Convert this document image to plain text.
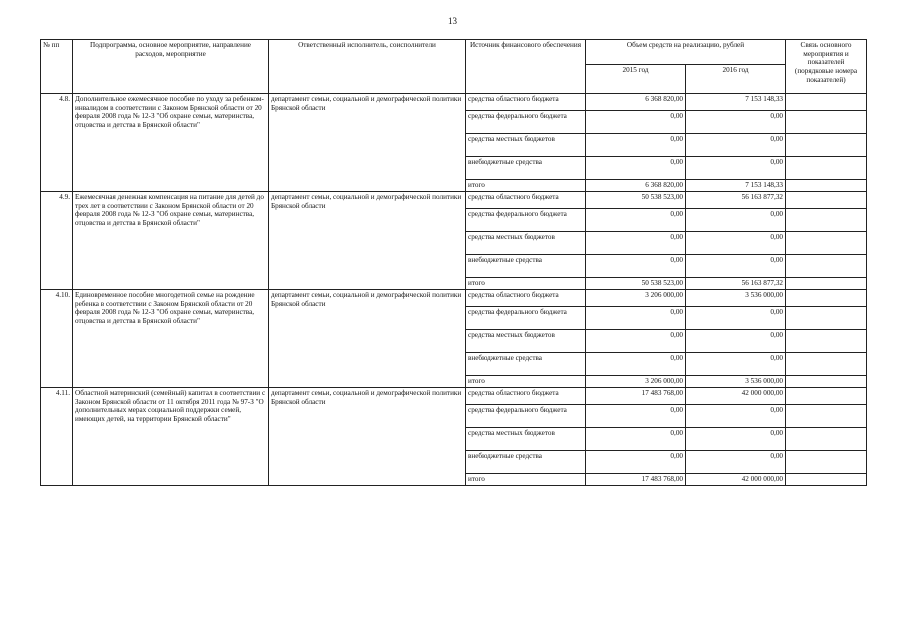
13
№ пп	Подпрограмма, основное мероприятие, направление расходов, мероприятие	Ответственный исполнитель, соисполнители	Источник финансового обеспечения	Объем средств на реализацию, рублей		Связь основного мероприятия и показателей (порядковые номера показателей)
				2015 год	2016 год	
4.8.	Дополнительное ежемесячное пособие по уходу за ребенком-инвалидом в соответствии с Законом Брянской области от 20 февраля 2008 года № 12-З "Об охране семьи, материнства, отцовства и детства в Брянской области"	департамент семьи, социальной и демографической политики Брянской области	средства областного бюджета	6 368 820,00	7 153 148,33	
			средства федерального бюджета	0,00	0,00	
			средства местных бюджетов	0,00	0,00	
			внебюджетные средства	0,00	0,00	
			итого	6 368 820,00	7 153 148,33	
4.9.	Ежемесячная денежная компенсация на питание для детей до трех лет в соответствии с Законом Брянской области от 20 февраля 2008 года № 12-З "Об охране семьи, материнства, отцовства и детства в Брянской области"	департамент семьи, социальной и демографической политики Брянской области	средства областного бюджета	50 538 523,00	56 163 877,32	
			средства федерального бюджета	0,00	0,00	
			средства местных бюджетов	0,00	0,00	
			внебюджетные средства	0,00	0,00	
			итого	50 538 523,00	56 163 877,32	
4.10.	Единовременное пособие многодетной семье на рождение ребенка в соответствии с Законом Брянской области от 20 февраля 2008 года № 12-З "Об охране семьи, материнства, отцовства и детства в Брянской области"	департамент семьи, социальной и демографической политики Брянской области	средства областного бюджета	3 206 000,00	3 536 000,00	
			средства федерального бюджета	0,00	0,00	
			средства местных бюджетов	0,00	0,00	
			внебюджетные средства	0,00	0,00	
			итого	3 206 000,00	3 536 000,00	
4.11.	Областной материнский (семейный) капитал в соответствии с Законом Брянской области от 11 октября 2011 года № 97-З "О дополнительных мерах социальной поддержки семей, имеющих детей, на территории Брянской области"	департамент семьи, социальной и демографической политики Брянской области	средства областного бюджета	17 483 768,00	42 000 000,00	
			средства федерального бюджета	0,00	0,00	
			средства местных бюджетов	0,00	0,00	
			внебюджетные средства	0,00	0,00	
			итого	17 483 768,00	42 000 000,00	
